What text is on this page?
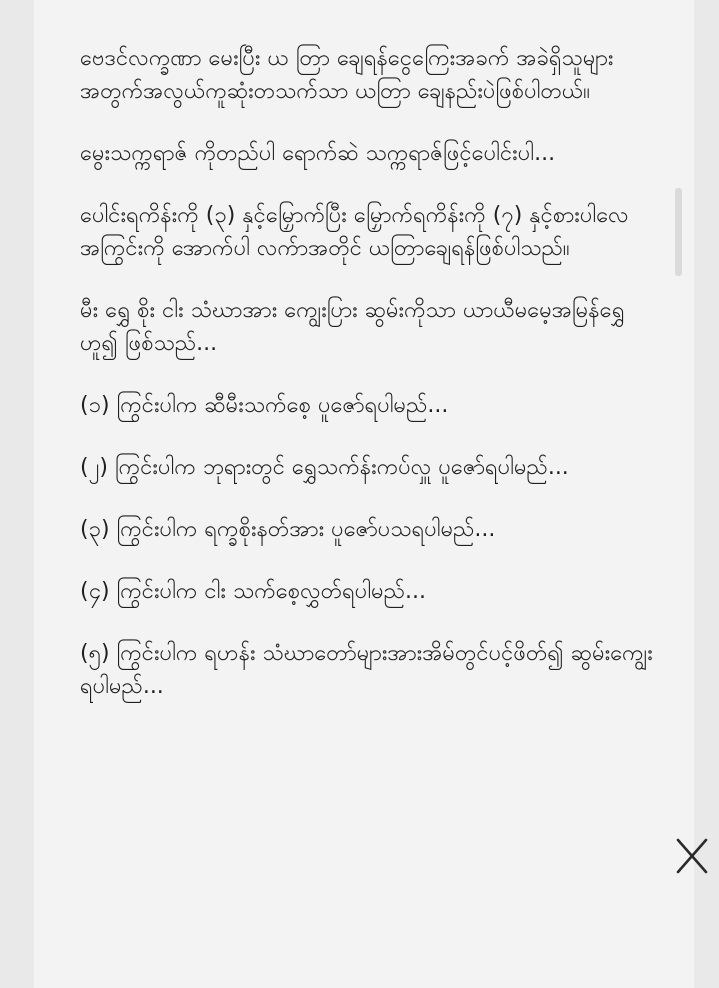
ဗေဒင်လက္ခဏာ မေးပြီး ယ တြာ ချေရန်ငွေကြေးအခက် အခဲရှိသူများအတွက်အလွယ်ကူဆုံးတသက်သာ ယတြာ ချေနည်းပဲဖြစ်ပါတယ်။

မွေးသက္ကရာဇ် ကိုတည်ပါ ရောက်ဆဲ သက္ကရာဇ်ဖြင့်ပေါင်းပါ...

ပေါင်းရကိန်းကို (၃) နှင့်မြှောက်ပြီး မြှောက်ရကိန်းကို (၇) နှင့်စားပါလေအကြွင်းကို အောက်ပါ လက်ာအတိုင် ယတြာချေရန်ဖြစ်ပါသည်။

မီး ရွှေ စိုး ငါး သံဃာအား ကျွေးပြား ဆွမ်းကိုသာ ယာယီမမေ့အမြန်ရွှေ ဟူ၍ ဖြစ်သည်...

(၁) ကြွင်းပါက ဆီမီးသက်စေ့ ပူဇော်ရပါမည်...

(၂) ကြွင်းပါက ဘုရားတွင် ရွှေသက်န်းကပ်လှူ ပူဇော်ရပါမည်...

(၃) ကြွင်းပါက ရက္ခစိုးနတ်အား ပူဇော်ပသရပါမည်...

(၄) ကြွင်းပါက ငါး သက်စေ့လွှတ်ရပါမည်...

(၅) ကြွင်းပါက ရဟန်း သံဃာတော်များအားအိမ်တွင်ပင့်ဖိတ်၍ ဆွမ်းကျွေးရပါမည်...
